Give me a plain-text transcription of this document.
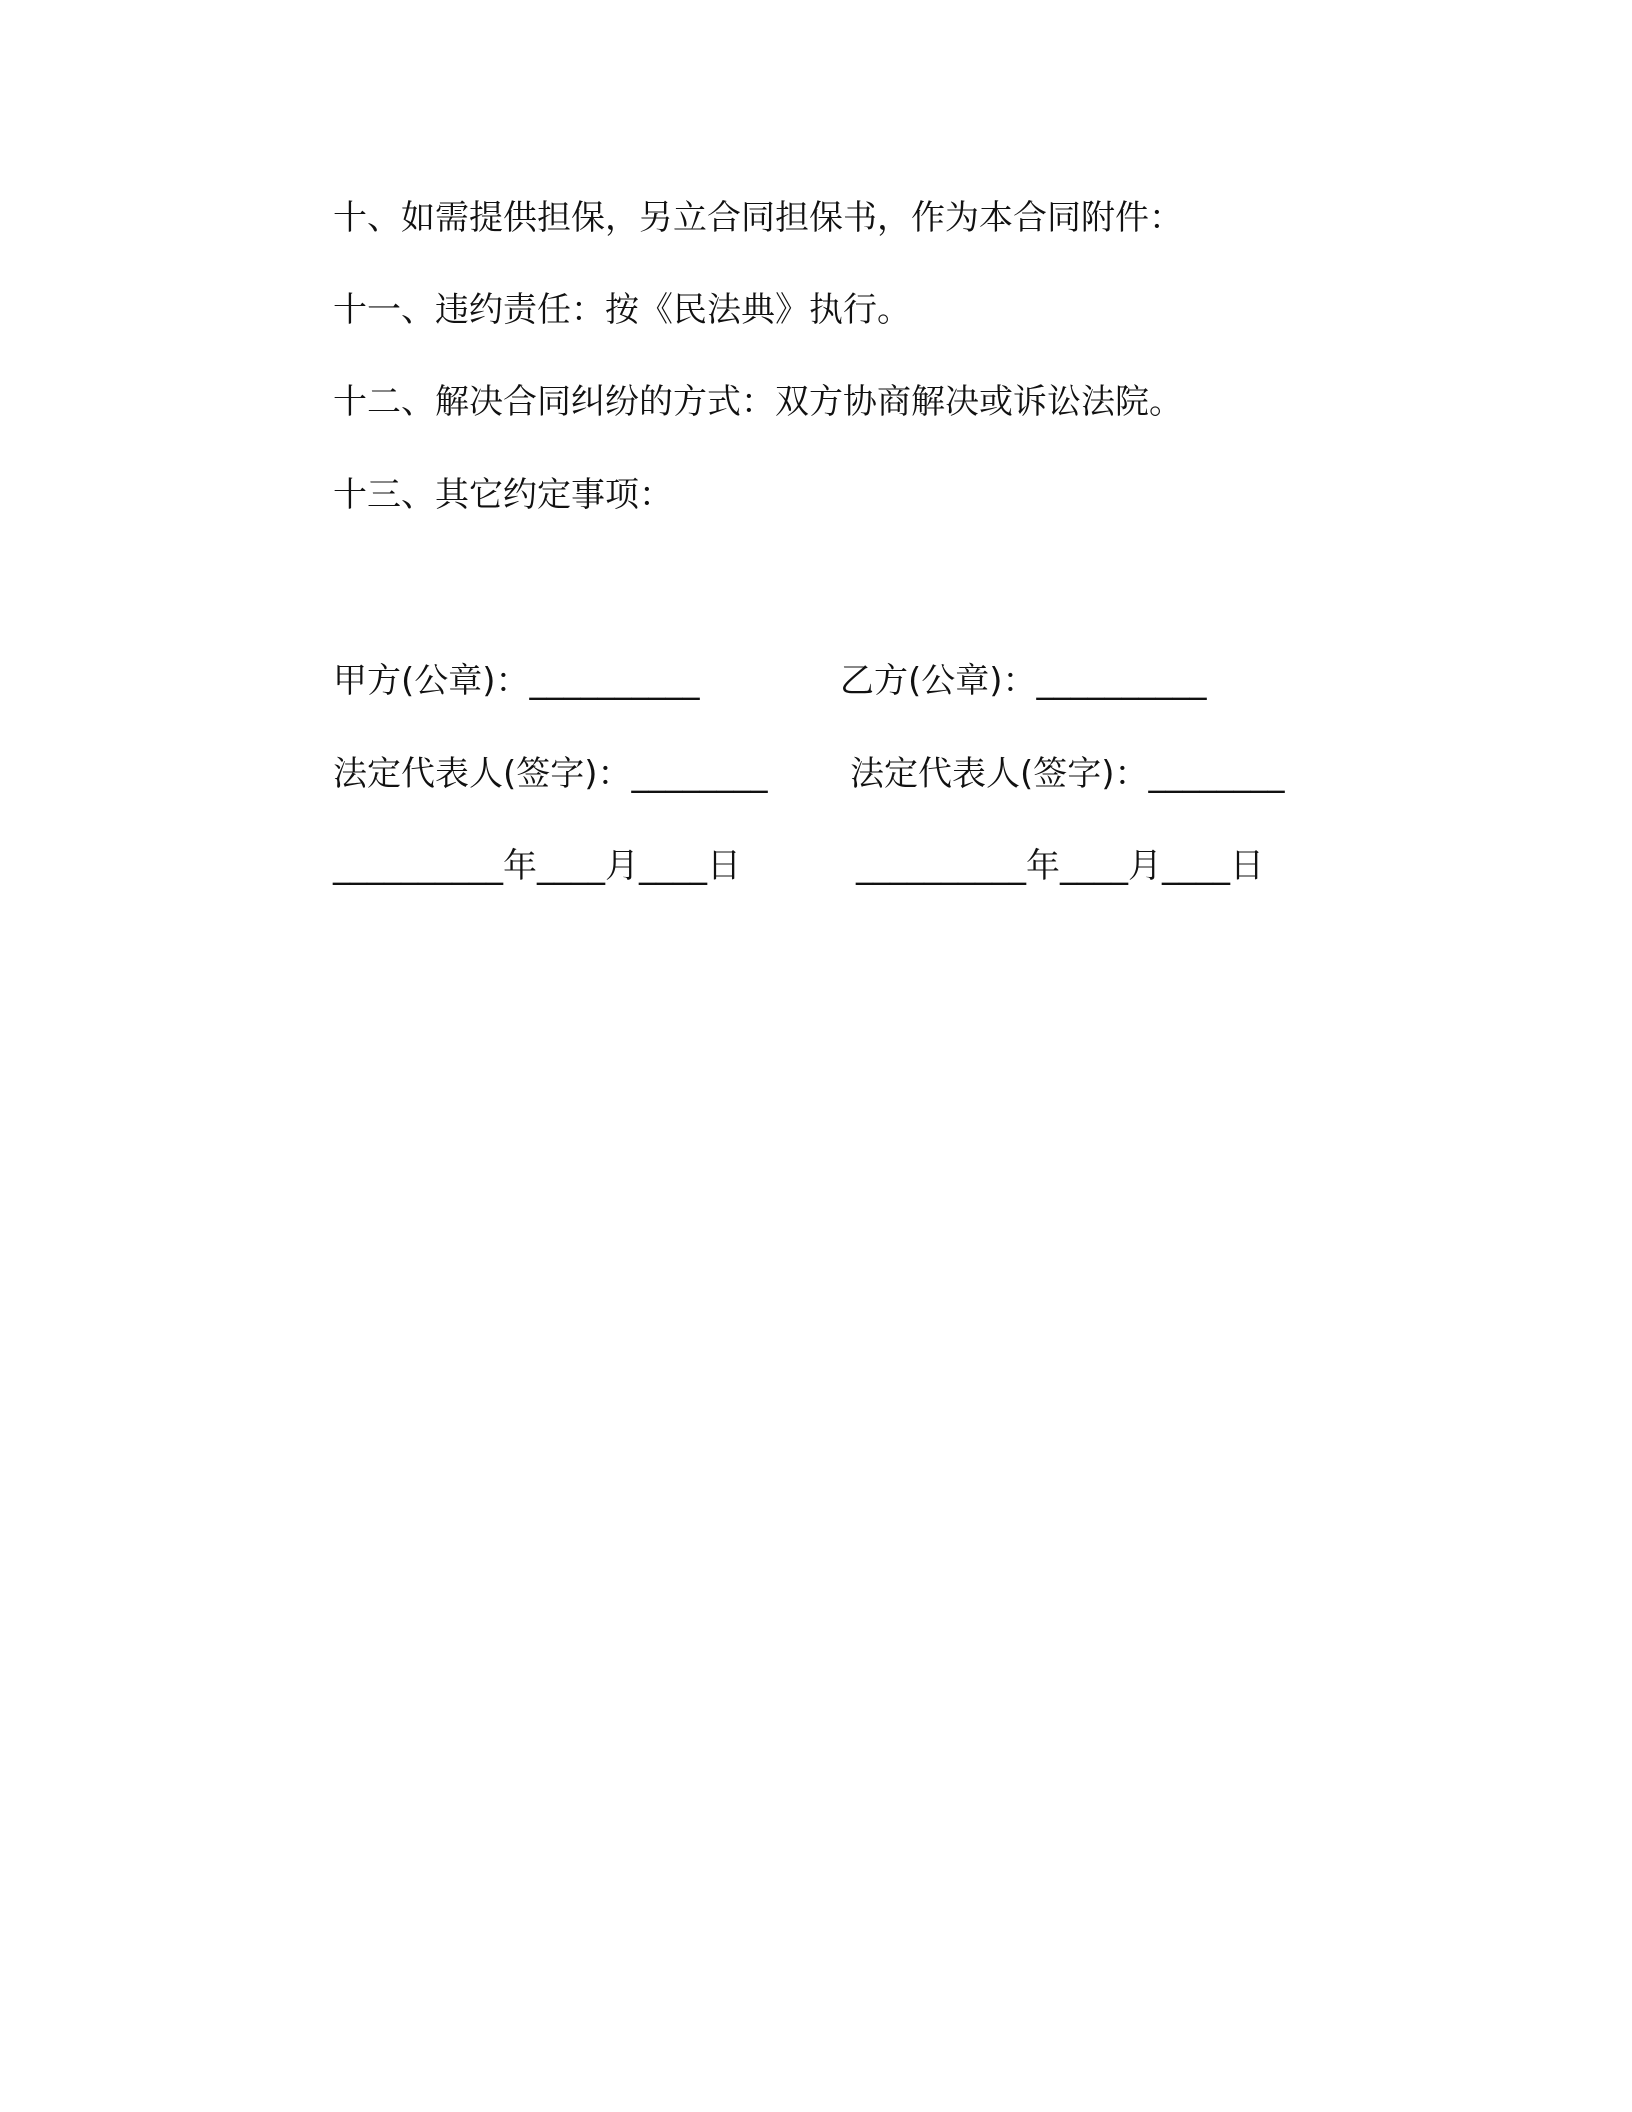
十、如需提供担保，另立合同担保书，作为本合同附件：
十一、违约责任：按《民法典》执行。
十二、解决合同纠纷的方式：双方协商解决或诉讼法院。
十三、其它约定事项：
甲方(公章)：__________	乙方(公章)：__________
法定代表人(签字)：________ 法定代表人(签字)：________
__________年____月____日	__________年____月____日
